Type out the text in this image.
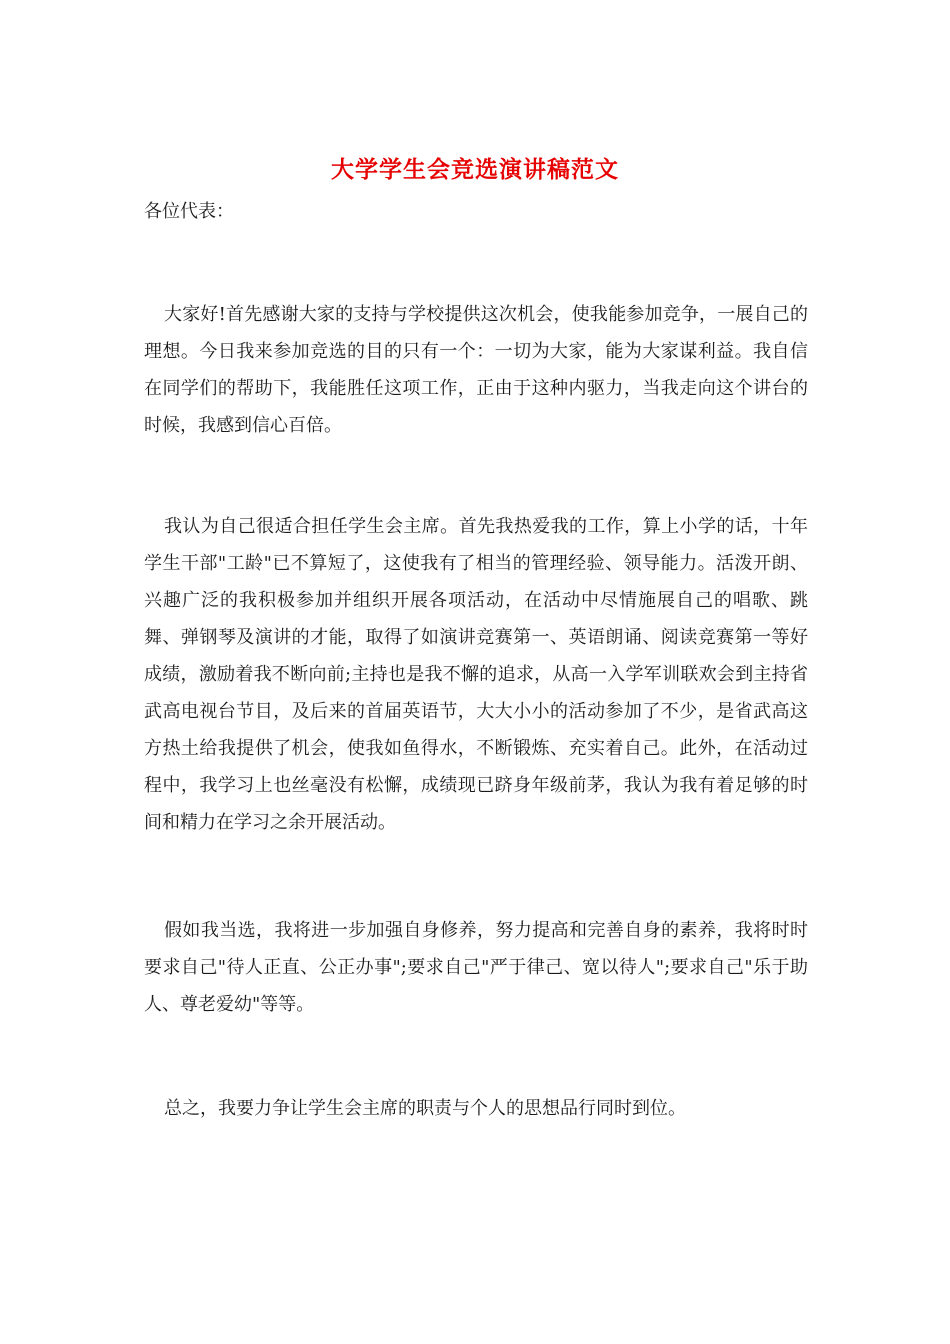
大学学生会竞选演讲稿范文
各位代表：

大家好!首先感谢大家的支持与学校提供这次机会，使我能参加竞争，一展自己的理想。今日我来参加竞选的目的只有一个：一切为大家，能为大家谋利益。我自信在同学们的帮助下，我能胜任这项工作，正由于这种内驱力，当我走向这个讲台的时候，我感到信心百倍。

我认为自己很适合担任学生会主席。首先我热爱我的工作，算上小学的话，十年学生干部"工龄"已不算短了，这使我有了相当的管理经验、领导能力。活泼开朗、兴趣广泛的我积极参加并组织开展各项活动，在活动中尽情施展自己的唱歌、跳舞、弹钢琴及演讲的才能，取得了如演讲竞赛第一、英语朗诵、阅读竞赛第一等好成绩，激励着我不断向前;主持也是我不懈的追求，从高一入学军训联欢会到主持省武高电视台节目，及后来的首届英语节，大大小小的活动参加了不少，是省武高这方热土给我提供了机会，使我如鱼得水，不断锻炼、充实着自己。此外，在活动过程中，我学习上也丝毫没有松懈，成绩现已跻身年级前茅，我认为我有着足够的时间和精力在学习之余开展活动。

假如我当选，我将进一步加强自身修养，努力提高和完善自身的素养，我将时时要求自己"待人正直、公正办事";要求自己"严于律己、宽以待人";要求自己"乐于助人、尊老爱幼"等等。

总之，我要力争让学生会主席的职责与个人的思想品行同时到位。
